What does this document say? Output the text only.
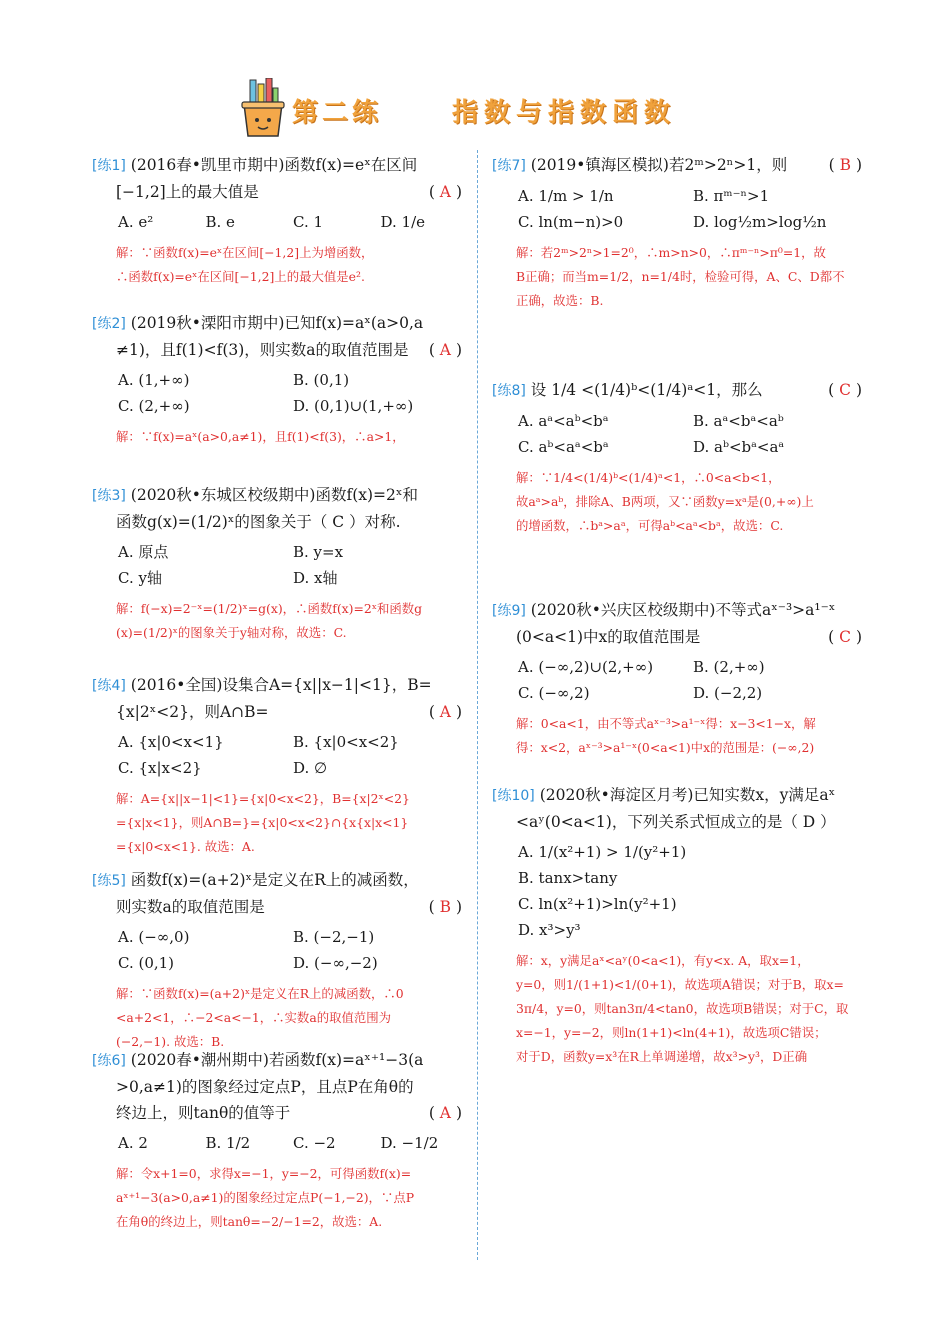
第二练	指数与指数函数
[练1] (2016春•凯里市期中)函数f(x)=eˣ在区间
[−1,2]上的最大值是	( A )
A. e²	B. e	C. 1	D. 1/e
解：∵函数f(x)=eˣ在区间[−1,2]上为增函数，
∴函数f(x)=eˣ在区间[−1,2]上的最大值是e².
[练2] (2019秋•溧阳市期中)已知f(x)=aˣ(a>0,a
≠1)，且f(1)<f(3)，则实数a的取值范围是 ( A )
A. (1,+∞)	B. (0,1)
C. (2,+∞)	D. (0,1)∪(1,+∞)
解：∵f(x)=aˣ(a>0,a≠1)，且f(1)<f(3)，∴a>1，
[练3] (2020秋•东城区校级期中)函数f(x)=2ˣ和
函数g(x)=(1/2)ˣ的图象关于（ C ）对称.
A. 原点	B. y=x
C. y轴	D. x轴
解：f(−x)=2⁻ˣ=(1/2)ˣ=g(x)，∴函数f(x)=2ˣ和函数g
(x)=(1/2)ˣ的图象关于y轴对称，故选：C.
[练4] (2016•全国)设集合A={x||x−1|<1}，B=
{x|2ˣ<2}，则A∩B=	( A )
A. {x|0<x<1}	B. {x|0<x<2}
C. {x|x<2}	D. ∅
解：A={x||x−1|<1}={x|0<x<2}，B={x|2ˣ<2}
={x|x<1}，则A∩B=}={x|0<x<2}∩{x{x|x<1}
={x|0<x<1}. 故选：A.
[练5] 函数f(x)=(a+2)ˣ是定义在R上的减函数，
则实数a的取值范围是	( B )
A. (−∞,0)	B. (−2,−1)
C. (0,1)	D. (−∞,−2)
解：∵函数f(x)=(a+2)ˣ是定义在R上的减函数，∴0
<a+2<1，∴−2<a<−1，∴实数a的取值范围为
(−2,−1). 故选：B.
[练6] (2020春•潮州期中)若函数f(x)=aˣ⁺¹−3(a
>0,a≠1)的图象经过定点P，且点P在角θ的
终边上，则tanθ的值等于	( A )
A. 2	B. 1/2	C. −2	D. −1/2
解：令x+1=0，求得x=−1，y=−2，可得函数f(x)=
aˣ⁺¹−3(a>0,a≠1)的图象经过定点P(−1,−2)，∵点P
在角θ的终边上，则tanθ=−2/−1=2，故选：A.
[练7] (2019•镇海区模拟)若2ᵐ>2ⁿ>1，则	( B )
A. 1/m > 1/n	B. πᵐ⁻ⁿ>1
C. ln(m−n)>0	D. log½m>log½n
解：若2ᵐ>2ⁿ>1=2⁰，∴m>n>0，∴πᵐ⁻ⁿ>π⁰=1，故
B正确；而当m=1/2，n=1/4时，检验可得，A、C、D都不
正确，故选：B.
[练8] 设 1/4 <(1/4)ᵇ<(1/4)ᵃ<1，那么	( C )
A. aᵃ<aᵇ<bᵃ	B. aᵃ<bᵃ<aᵇ
C. aᵇ<aᵃ<bᵃ	D. aᵇ<bᵃ<aᵃ
解：∵1/4<(1/4)ᵇ<(1/4)ᵃ<1，∴0<a<b<1，
故aᵃ>aᵇ，排除A、B两项，又∵函数y=xᵃ是(0,+∞)上
的增函数，∴bᵃ>aᵃ，可得aᵇ<aᵃ<bᵃ，故选：C.
[练9] (2020秋•兴庆区校级期中)不等式aˣ⁻³>a¹⁻ˣ
(0<a<1)中x的取值范围是	( C )
A. (−∞,2)∪(2,+∞)	B. (2,+∞)
C. (−∞,2)	D. (−2,2)
解：0<a<1，由不等式aˣ⁻³>a¹⁻ˣ得：x−3<1−x，解
得：x<2，aˣ⁻³>a¹⁻ˣ(0<a<1)中x的范围是：(−∞,2)
[练10] (2020秋•海淀区月考)已知实数x，y满足aˣ
<aʸ(0<a<1)，下列关系式恒成立的是（ D ）
A. 1/(x²+1) > 1/(y²+1)
B. tanx>tany
C. ln(x²+1)>ln(y²+1)
D. x³>y³
解：x，y满足aˣ<aʸ(0<a<1)，有y<x. A，取x=1，
y=0，则1/(1+1)<1/(0+1)，故选项A错误；对于B，取x=
3π/4，y=0，则tan3π/4<tan0，故选项B错误；对于C，取
x=−1，y=−2，则ln(1+1)<ln(4+1)，故选项C错误；
对于D，函数y=x³在R上单调递增，故x³>y³，D正确
